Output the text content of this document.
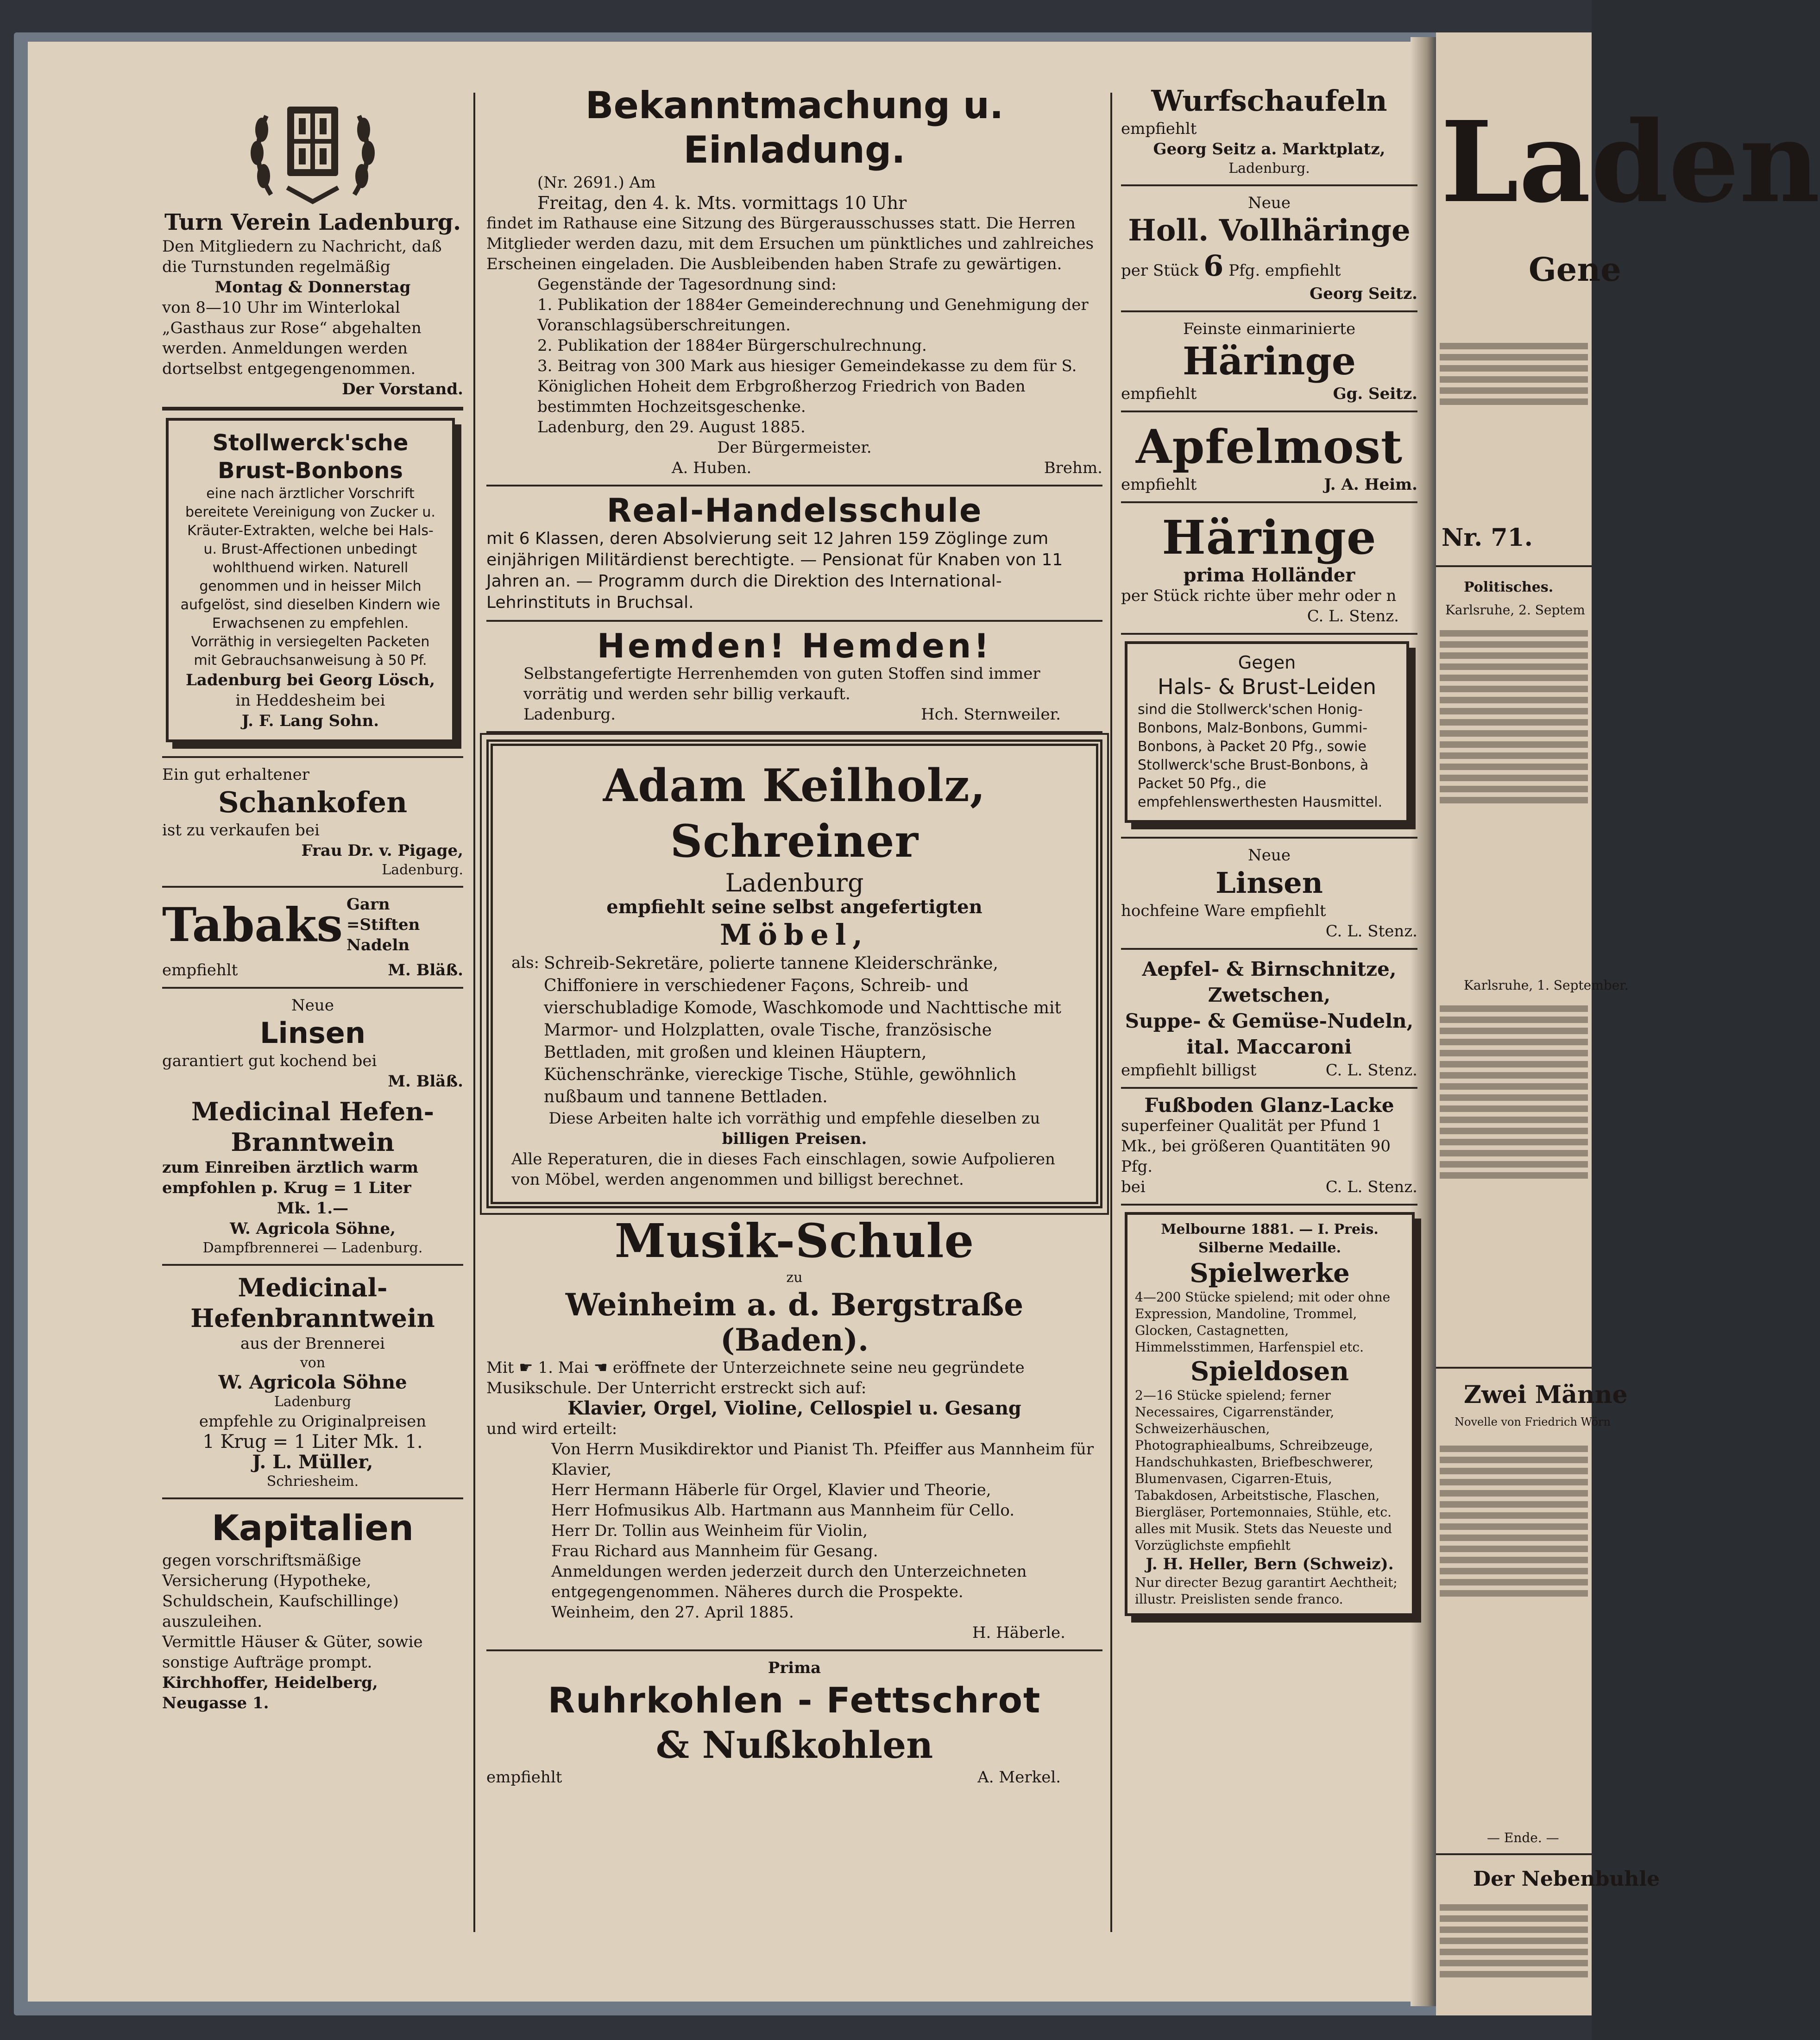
Turn Verein Ladenburg.
Den Mitgliedern zu Nachricht, daß die Turnstunden regelmäßig
Montag & Donnerstag
von 8—10 Uhr im Winterlokal „Gasthaus zur Rose“ abgehalten werden. Anmeldungen werden dortselbst entgegengenommen.
Der Vorstand.
Stollwerck'sche
Brust-Bonbons
eine nach ärztlicher Vorschrift bereitete Vereinigung von Zucker u. Kräuter-Extrakten, welche bei Hals- u. Brust-Affectionen unbedingt wohlthuend wirken. Naturell genommen und in heisser Milch aufgelöst, sind dieselben Kindern wie Erwachsenen zu empfehlen.
Vorräthig in versiegelten Packeten mit Gebrauchsanweisung à 50 Pf.
Ladenburg bei Georg Lösch,
in Heddesheim bei
J. F. Lang Sohn.
Ein gut erhaltener
Schankofen
ist zu verkaufen bei
Frau Dr. v. Pigage,
Ladenburg.
Tabaks Garn
=Stiften
Nadeln
empfiehlt	M. Bläß.
Neue
Linsen
garantiert gut kochend bei
M. Bläß.
Medicinal Hefen-
Branntwein
zum Einreiben ärztlich warm empfohlen p. Krug = 1 Liter
Mk. 1.—
W. Agricola Söhne,
Dampfbrennerei — Ladenburg.
Medicinal-
Hefenbranntwein
aus der Brennerei
von
W. Agricola Söhne
Ladenburg
empfehle zu Originalpreisen
1 Krug = 1 Liter Mk. 1.
J. L. Müller,
Schriesheim.
Kapitalien
gegen vorschriftsmäßige Versicherung (Hypotheke, Schuldschein, Kaufschillinge) auszuleihen.
Vermittle Häuser & Güter, sowie sonstige Aufträge prompt.
Kirchhoffer, Heidelberg, Neugasse 1.
Bekanntmachung u. Einladung.
(Nr. 2691.) Am
Freitag, den 4. k. Mts. vormittags 10 Uhr
findet im Rathause eine Sitzung des Bürgerausschusses statt. Die Herren Mitglieder werden dazu, mit dem Ersuchen um pünktliches und zahlreiches Erscheinen eingeladen. Die Ausbleibenden haben Strafe zu gewärtigen.
Gegenstände der Tagesordnung sind:
1. Publikation der 1884er Gemeinderechnung und Genehmigung der Voranschlagsüberschreitungen.
2. Publikation der 1884er Bürgerschulrechnung.
3. Beitrag von 300 Mark aus hiesiger Gemeindekasse zu dem für S. Königlichen Hoheit dem Erbgroßherzog Friedrich von Baden bestimmten Hochzeitsgeschenke.
Ladenburg, den 29. August 1885.
Der Bürgermeister.
A. Huben.	Brehm.
Real-Handelsschule
mit 6 Klassen, deren Absolvierung seit 12 Jahren 159 Zöglinge zum einjährigen Militärdienst berechtigte. — Pensionat für Knaben von 11 Jahren an. — Programm durch die Direktion des International-Lehrinstituts in Bruchsal.
Hemden! Hemden!
Selbstangefertigte Herrenhemden von guten Stoffen sind immer vorrätig und werden sehr billig verkauft.
Ladenburg.	Hch. Sternweiler.
Adam Keilholz, Schreiner
Ladenburg
empfiehlt seine selbst angefertigten
Möbel,
als: Schreib-Sekretäre, polierte tannene Kleiderschränke, Chiffoniere in verschiedener Façons, Schreib- und vierschubladige Komode, Waschkomode und Nachttische mit Marmor- und Holzplatten, ovale Tische, französische Bettladen, mit großen und kleinen Häuptern, Küchenschränke, viereckige Tische, Stühle, gewöhnlich nußbaum und tannene Bettladen.
Diese Arbeiten halte ich vorräthig und empfehle dieselben zu
billigen Preisen.
Alle Reperaturen, die in dieses Fach einschlagen, sowie Aufpolieren von Möbel, werden angenommen und billigst berechnet.
Musik-Schule
zu
Weinheim a. d. Bergstraße (Baden).
Mit ☛ 1. Mai ☚ eröffnete der Unterzeichnete seine neu gegründete Musikschule. Der Unterricht erstreckt sich auf:
Klavier, Orgel, Violine, Cellospiel u. Gesang
und wird erteilt:
Von Herrn Musikdirektor und Pianist Th. Pfeiffer aus Mannheim für Klavier,
Herr Hermann Häberle für Orgel, Klavier und Theorie,
Herr Hofmusikus Alb. Hartmann aus Mannheim für Cello.
Herr Dr. Tollin aus Weinheim für Violin,
Frau Richard aus Mannheim für Gesang.
Anmeldungen werden jederzeit durch den Unterzeichneten entgegengenommen. Näheres durch die Prospekte.
Weinheim, den 27. April 1885.
H. Häberle.
Prima
Ruhrkohlen - Fettschrot
& Nußkohlen
empfiehlt	A. Merkel.
Wurfschaufeln
empfiehlt
Georg Seitz a. Marktplatz,
Ladenburg.
Neue
Holl. Vollhäringe
per Stück 6 Pfg. empfiehlt
Georg Seitz.
Feinste einmarinierte
Häringe
empfiehlt	Gg. Seitz.
Apfelmost
empfiehlt	J. A. Heim.
Häringe
prima Holländer
per Stück richte über mehr oder n
C. L. Stenz.
Gegen
Hals- & Brust-Leiden
sind die Stollwerck'schen Honig-Bonbons, Malz-Bonbons, Gummi-Bonbons, à Packet 20 Pfg., sowie Stollwerck'sche Brust-Bonbons, à Packet 50 Pfg., die empfehlenswerthesten Hausmittel.
Neue
Linsen
hochfeine Ware empfiehlt
C. L. Stenz.
Aepfel- & Birnschnitze,
Zwetschen,
Suppe- & Gemüse-Nudeln,
ital. Maccaroni
empfiehlt billigst	C. L. Stenz.
Fußboden Glanz-Lacke
superfeiner Qualität per Pfund 1 Mk., bei größeren Quantitäten 90 Pfg.
bei	C. L. Stenz.
Melbourne 1881. — I. Preis.
Silberne Medaille.
Spielwerke
4—200 Stücke spielend; mit oder ohne Expression, Mandoline, Trommel, Glocken, Castagnetten, Himmelsstimmen, Harfenspiel etc.
Spieldosen
2—16 Stücke spielend; ferner Necessaires, Cigarrenständer, Schweizerhäuschen, Photographiealbums, Schreibzeuge, Handschuhkasten, Briefbeschwerer, Blumenvasen, Cigarren-Etuis, Tabakdosen, Arbeitstische, Flaschen, Biergläser, Portemonnaies, Stühle, etc. alles mit Musik. Stets das Neueste und Vorzüglichste empfiehlt
J. H. Heller, Bern (Schweiz).
Nur directer Bezug garantirt Aechtheit; illustr. Preislisten sende franco.
Laden
Gene
Nr. 71.
Politisches.
Karlsruhe, 2. Septem
Karlsruhe, 1. September.
Zwei Männe
Novelle von Friedrich Wörn
— Ende. —
Der Nebenbuhle
